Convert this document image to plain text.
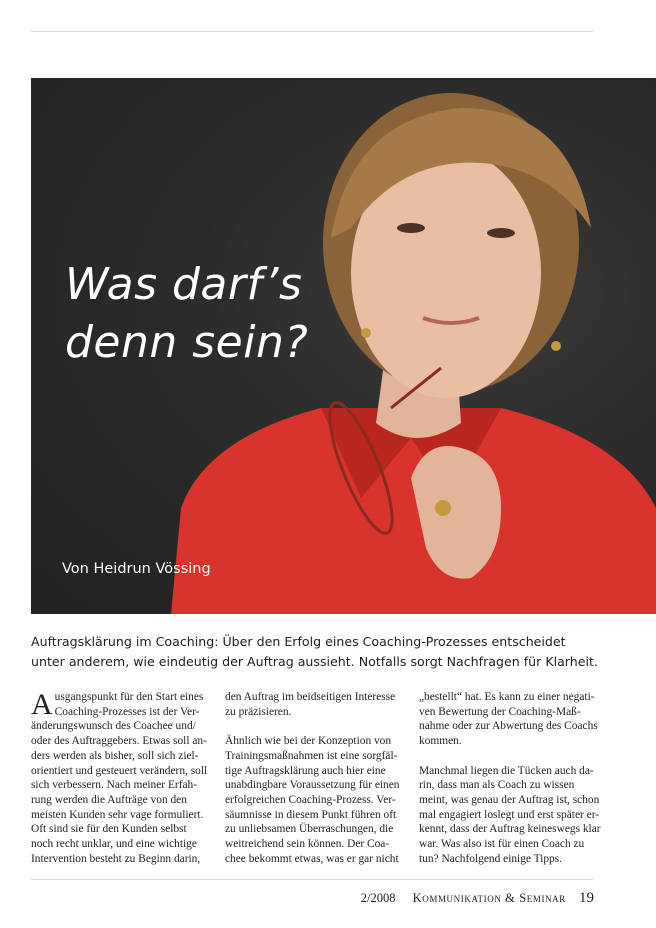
Was darf’s
denn sein?
Von Heidrun Vössing
Auftragsklärung im Coaching: Über den Erfolg eines Coaching-Prozesses entscheidet
unter anderem, wie eindeutig der Auftrag aussieht. Notfalls sorgt Nachfragen für Klarheit.
A usgangspunkt für den Start eines
Coaching-Prozesses ist der Ver-
änderungswunsch des Coachee und/
oder des Auftraggebers. Etwas soll an-
ders werden als bisher, soll sich ziel-
orientiert und gesteuert verändern, soll
sich verbessern. Nach meiner Erfah-
rung werden die Aufträge von den
meisten Kunden sehr vage formuliert.
Oft sind sie für den Kunden selbst
noch recht unklar, und eine wichtige
Intervention besteht zu Beginn darin,
den Auftrag im beidseitigen Interesse
zu präzisieren.
Ähnlich wie bei der Konzeption von
Trainingsmaßnahmen ist eine sorgfäl-
tige Auftragsklärung auch hier eine
unabdingbare Voraussetzung für einen
erfolgreichen Coaching-Prozess. Ver-
säumnisse in diesem Punkt führen oft
zu unliebsamen Überraschungen, die
weitreichend sein können. Der Coa-
chee bekommt etwas, was er gar nicht
„bestellt“ hat. Es kann zu einer negati-
ven Bewertung der Coaching-Maß-
nahme oder zur Abwertung des Coachs
kommen.
Manchmal liegen die Tücken auch da-
rin, dass man als Coach zu wissen
meint, was genau der Auftrag ist, schon
mal engagiert loslegt und erst später er-
kennt, dass der Auftrag keineswegs klar
war. Was also ist für einen Coach zu
tun? Nachfolgend einige Tipps.
2/2008 Kommunikation & Seminar 19
